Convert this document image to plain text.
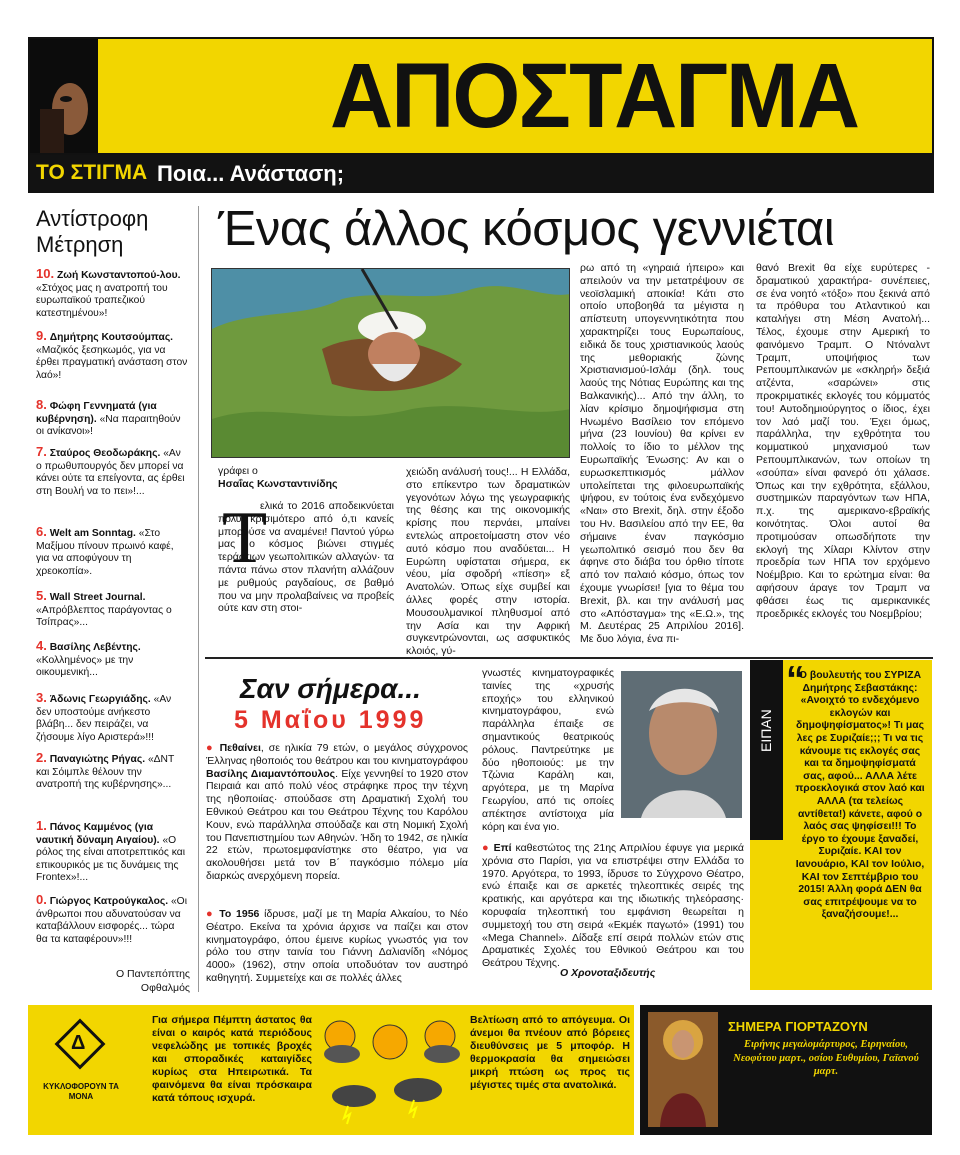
ΑΠΟΣΤΑΓΜΑ
ΤΟ ΣΤΙΓΜΑ Ποια... Ανάσταση;
Αντίστροφη Μέτρηση
10. Ζωή Κωνσταντοπού-λου. «Στόχος μας η ανατροπή του ευρωπαϊκού τραπεζικού κατεστημένου»!
9. Δημήτρης Κουτσούμπας. «Μαζικός ξεσηκωμός, για να έρθει πραγματική ανάσταση στον λαό»!
8. Φώφη Γεννηματά (για κυβέρνηση). «Να παραιτηθούν οι ανίκανοι»!
7. Σταύρος Θεοδωράκης. «Αν ο πρωθυπουργός δεν μπορεί να κάνει ούτε τα επείγοντα, ας έρθει στη Βουλή να το πει»!...
6. Welt am Sonntag. «Στο Μαξίμου πίνουν πρωινό καφέ, για να αποφύγουν τη χρεοκοπία».
5. Wall Street Journal. «Απρόβλεπτος παράγοντας ο Τσίπρας»...
4. Βασίλης Λεβέντης. «Κολλημένος» με την οικουμενική...
3. Άδωνις Γεωργιάδης. «Αν δεν υποστούμε ανήκεστο βλάβη... δεν πειράζει, να ζήσουμε λίγο Αριστερά»!!!
2. Παναγιώτης Ρήγας. «ΔΝΤ και Σόιμπλε θέλουν την ανατροπή της κυβέρνησης»...
1. Πάνος Καμμένος (για ναυτική δύναμη Αιγαίου). «Ο ρόλος της είναι αποτρεπτικός και επικουρικός με τις δυνάμεις της Frontex»!...
0. Γιώργος Κατρούγκαλος. «Οι άνθρωποι που αδυνατούσαν να καταβάλλουν εισφορές... τώρα θα τα καταφέρουν»!!!
Ο Παντεπόπτης Οφθαλμός
Ένας άλλος κόσμος γεννιέται
γράφει ο
Ησαΐας Κωνσταντινίδης
Τ
ελικά το 2016 αποδεικνύεται πολύ κρισιμότερο από ό,τι κανείς μπορούσε να αναμένει! Παντού γύρω μας ο κόσμος βιώνει στιγμές τεράστιων γεωπολιτικών αλλαγών· τα πάντα πάνω στον πλανήτη αλλάζουν με ρυθμούς ραγδαίους, σε βαθμό που να μην προλαβαίνεις να προβείς ούτε καν στη στοι-
χειώδη ανάλυσή τους!... Η Ελλάδα, στο επίκεντρο των δραματικών γεγονότων λόγω της γεωγραφικής της θέσης και της οικονομικής κρίσης που περνάει, μπαίνει εντελώς απροετοίμαστη στον νέο αυτό κόσμο που αναδύεται... Η Ευρώπη υφίσταται σήμερα, εκ νέου, μία σφοδρή «πίεση» εξ Ανατολών. Όπως είχε συμβεί και άλλες φορές στην ιστορία. Μουσουλμανικοί πληθυσμοί από την Ασία και την Αφρική συγκεντρώνονται, ως ασφυκτικός κλοιός, γύ-
ρω από τη «γηραιά ήπειρο» και απειλούν να την μετατρέψουν σε νεοϊσλαμική αποικία! Κάτι στο οποίο υποβοηθά τα μέγιστα η απίστευτη υπογεννητικότητα που χαρακτηρίζει τους Ευρωπαίους, ειδικά δε τους χριστιανικούς λαούς της μεθοριακής ζώνης Χριστιανισμού-Ισλάμ (δηλ. τους λαούς της Νότιας Ευρώπης και της Βαλκανικής)... Από την άλλη, το λίαν κρίσιμο δημοψήφισμα στη Ηνωμένο Βασίλειο τον επόμενο μήνα (23 Ιουνίου) θα κρίνει εν πολλοίς το ίδιο το μέλλον της Ευρωπαϊκής Ένωσης: Αν και ο ευρωσκεπτικισμός μάλλον υπολείπεται της φιλοευρωπαϊκής ψήφου, εν τούτοις ένα ενδεχόμενο «Ναι» στο Brexit, δηλ. στην έξοδο του Ην. Βασιλείου από την ΕΕ, θα σήμαινε έναν παγκόσμιο γεωπολιτικό σεισμό που δεν θα άφηνε στο διάβα του όρθιο τίποτε από τον παλαιό κόσμο, όπως τον έχουμε γνωρίσει! [για το θέμα του Brexit, βλ. και την ανάλυσή μας στο «Απόσταγμα» της «Ε.Ω.», της Μ. Δευτέρας 25 Απριλίου 2016]. Με δυο λόγια, ένα πι-
θανό Brexit θα είχε ευρύτερες - δραματικού χαρακτήρα- συνέπειες, σε ένα νοητό «τόξο» που ξεκινά από τα πρόθυρα του Ατλαντικού και καταλήγει στη Μέση Ανατολή... Τέλος, έχουμε στην Αμερική το φαινόμενο Τραμπ. Ο Ντόναλντ Τραμπ, υποψήφιος των Ρεπουμπλικανών με «σκληρή» δεξιά ατζέντα, «σαρώνει» στις προκριματικές εκλογές του κόμματός του! Αυτοδημιούργητος ο ίδιος, έχει τον λαό μαζί του. Έχει όμως, παράλληλα, την εχθρότητα του κομματικού μηχανισμού των Ρεπουμπλικανών, των οποίων τη «σούπα» είναι φανερό ότι χάλασε. Όπως και την εχθρότητα, εξάλλου, συστημικών παραγόντων των ΗΠΑ, π.χ. της αμερικανο-εβραϊκής κοινότητας. Όλοι αυτοί θα προτιμούσαν οπωσδήποτε την εκλογή της Χίλαρι Κλίντον στην προεδρία των ΗΠΑ τον ερχόμενο Νοέμβριο. Και το ερώτημα είναι: θα αφήσουν άραγε τον Τραμπ να φθάσει έως τις αμερικανικές προεδρικές εκλογές του Νοεμβρίου;
Σαν σήμερα...
5 Μαΐου 1999
● Πεθαίνει, σε ηλικία 79 ετών, ο μεγάλος σύγχρονος Έλληνας ηθοποιός του θεάτρου και του κινηματογράφου Βασίλης Διαμαντόπουλος. Είχε γεννηθεί το 1920 στον Πειραιά και από πολύ νέος στράφηκε προς την τέχνη της ηθοποιίας· σπούδασε στη Δραματική Σχολή του Εθνικού Θεάτρου και του Θεάτρου Τέχνης του Καρόλου Κουν, ενώ παράλληλα σπούδαζε και στη Νομική Σχολή του Πανεπιστημίου των Αθηνών. Ήδη το 1942, σε ηλικία 22 ετών, πρωτοεμφανίστηκε στο θέατρο, για να ακολουθήσει μετά τον Β΄ παγκόσμιο πόλεμο μία διαρκώς ανερχόμενη πορεία.
● Το 1956 ίδρυσε, μαζί με τη Μαρία Αλκαίου, το Νέο Θέατρο. Εκείνα τα χρόνια άρχισε να παίζει και στον κινηματογράφο, όπου έμεινε κυρίως γνωστός για τον ρόλο του στην ταινία του Γιάννη Δαλιανίδη «Νόμος 4000» (1962), στην οποία υποδυόταν τον αυστηρό καθηγητή. Συμμετείχε και σε πολλές άλλες
γνωστές κινηματογραφικές ταινίες της «χρυσής εποχής» του ελληνικού κινηματογράφου, ενώ παράλληλα έπαιξε σε σημαντικούς θεατρικούς ρόλους. Παντρεύτηκε με δύο ηθοποιούς: με την Τζώνια Καράλη και, αργότερα, με τη Μαρίνα Γεωργίου, από τις οποίες απέκτησε αντίστοιχα μία κόρη και ένα γιο.
● Επί καθεστώτος της 21ης Απριλίου έφυγε για μερικά χρόνια στο Παρίσι, για να επιστρέψει στην Ελλάδα το 1970. Αργότερα, το 1993, ίδρυσε το Σύγχρονο Θέατρο, ενώ έπαιξε και σε αρκετές τηλεοπτικές σειρές της κρατικής, και αργότερα και της ιδιωτικής τηλεόρασης· κορυφαία τηλεοπτική του εμφάνιση θεωρείται η συμμετοχή του στη σειρά «Εκμέκ παγωτό» (1991) του «Mega Channel». Δίδαξε επί σειρά πολλών ετών στις Δραματικές Σχολές του Εθνικού Θεάτρου και του Θεάτρου Τέχνης.
Ο Χρονοταξιδευτής
ΕΙΠΑΝ
“
Ο βουλευτής του ΣΥΡΙΖΑ Δημήτρης Σεβαστάκης: «Ανοιχτό το ενδεχόμενο εκλογών και δημοψηφίσματος»! Τι μας λες ρε Συριζαίε;;; Τι να τις κάνουμε τις εκλογές σας και τα δημοψηφίσματά σας, αφού... ΑΛΛΑ λέτε προεκλογικά στον λαό και ΑΛΛΑ (τα τελείως αντίθετα!) κάνετε, αφού ο λαός σας ψηφίσει!!! Το έργο το έχουμε ξαναδεί, Συριζαίε. ΚΑΙ τον Ιανουάριο, ΚΑΙ τον Ιούλιο, ΚΑΙ τον Σεπτέμβριο του 2015! Άλλη φορά ΔΕΝ θα σας επιτρέψουμε να το ξαναζήσουμε!...
Δ
ΚΥΚΛΟΦΟΡΟΥΝ ΤΑ ΜΟΝΑ
Για σήμερα Πέμπτη άστατος θα είναι ο καιρός κατά περιόδους νεφελώδης με τοπικές βροχές και σποραδικές καταιγίδες κυρίως στα Ηπειρωτικά. Τα φαινόμενα θα είναι πρόσκαιρα κατά τόπους ισχυρά.
Βελτίωση από το απόγευμα. Οι άνεμοι θα πνέουν από βόρειες διευθύνσεις με 5 μποφόρ. Η θερμοκρασία θα σημειώσει μικρή πτώση ως προς τις μέγιστες τιμές στα ανατολικά.
ΣΗΜΕΡΑ ΓΙΟΡΤΑΖΟΥΝ
Ειρήνης μεγαλομάρτυρος, Ειρηναίου, Νεοφύτου μαρτ., οσίου Ευθυμίου, Γαϊανού μαρτ.
